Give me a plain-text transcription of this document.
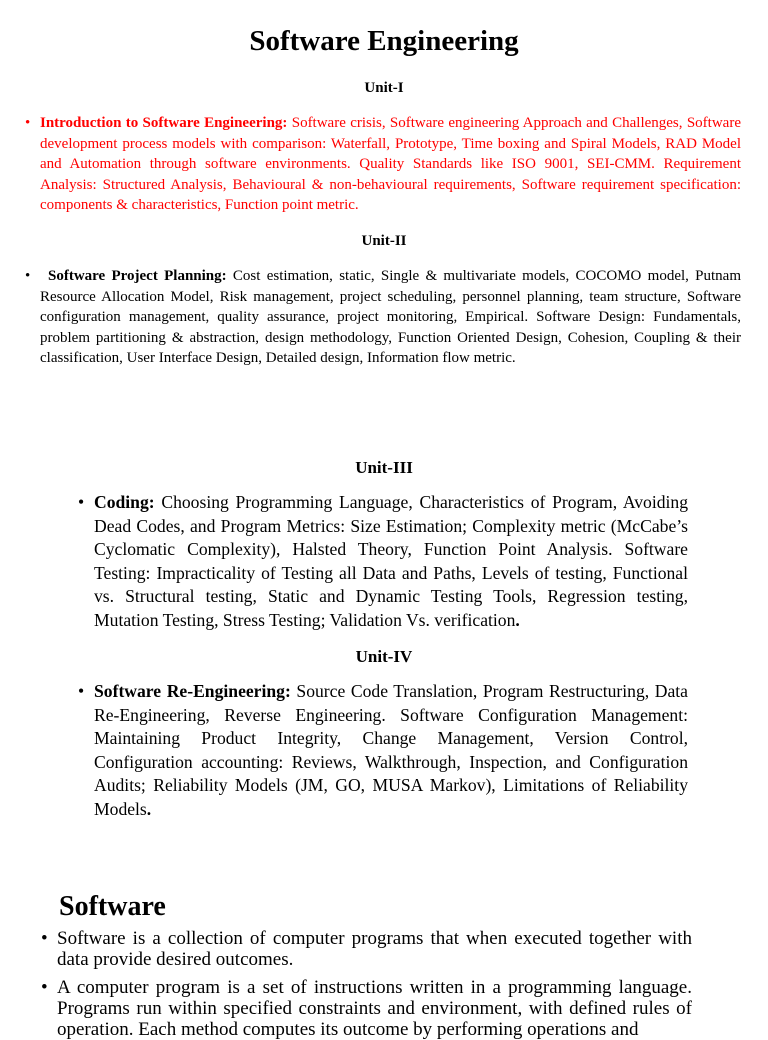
Software Engineering
Unit-I
• Introduction to Software Engineering: Software crisis, Software engineering Approach and Challenges, Software development process models with comparison: Waterfall, Prototype, Time boxing and Spiral Models, RAD Model and Automation through software environments. Quality Standards like ISO 9001, SEI-CMM. Requirement Analysis: Structured Analysis, Behavioural & non-behavioural requirements, Software requirement specification: components & characteristics, Function point metric.
Unit-II
•	Software Project Planning: Cost estimation, static, Single & multivariate models, COCOMO model, Putnam Resource Allocation Model, Risk management, project scheduling, personnel planning, team structure, Software configuration management, quality assurance, project monitoring, Empirical. Software Design: Fundamentals, problem partitioning & abstraction, design methodology, Function Oriented Design, Cohesion, Coupling & their classification, User Interface Design, Detailed design, Information flow metric.
Unit-III
• Coding: Choosing Programming Language, Characteristics of Program, Avoiding Dead Codes, and Program Metrics: Size Estimation; Complexity metric (McCabe’s Cyclomatic Complexity), Halsted Theory, Function Point Analysis. Software Testing: Impracticality of Testing all Data and Paths, Levels of testing, Functional vs. Structural testing, Static and Dynamic Testing Tools, Regression testing, Mutation Testing, Stress Testing; Validation Vs. verification.
Unit-IV
• Software Re-Engineering: Source Code Translation, Program Restructuring, Data Re-Engineering, Reverse Engineering. Software Configuration Management: Maintaining Product Integrity, Change Management, Version Control, Configuration accounting: Reviews, Walkthrough, Inspection, and Configuration Audits; Reliability Models (JM, GO, MUSA Markov), Limitations of Reliability Models.
Software
• Software is a collection of computer programs that when executed together with data provide desired outcomes.
• A computer program is a set of instructions written in a programming language. Programs run within specified constraints and environment, with defined rules of operation. Each method computes its outcome by performing operations and
